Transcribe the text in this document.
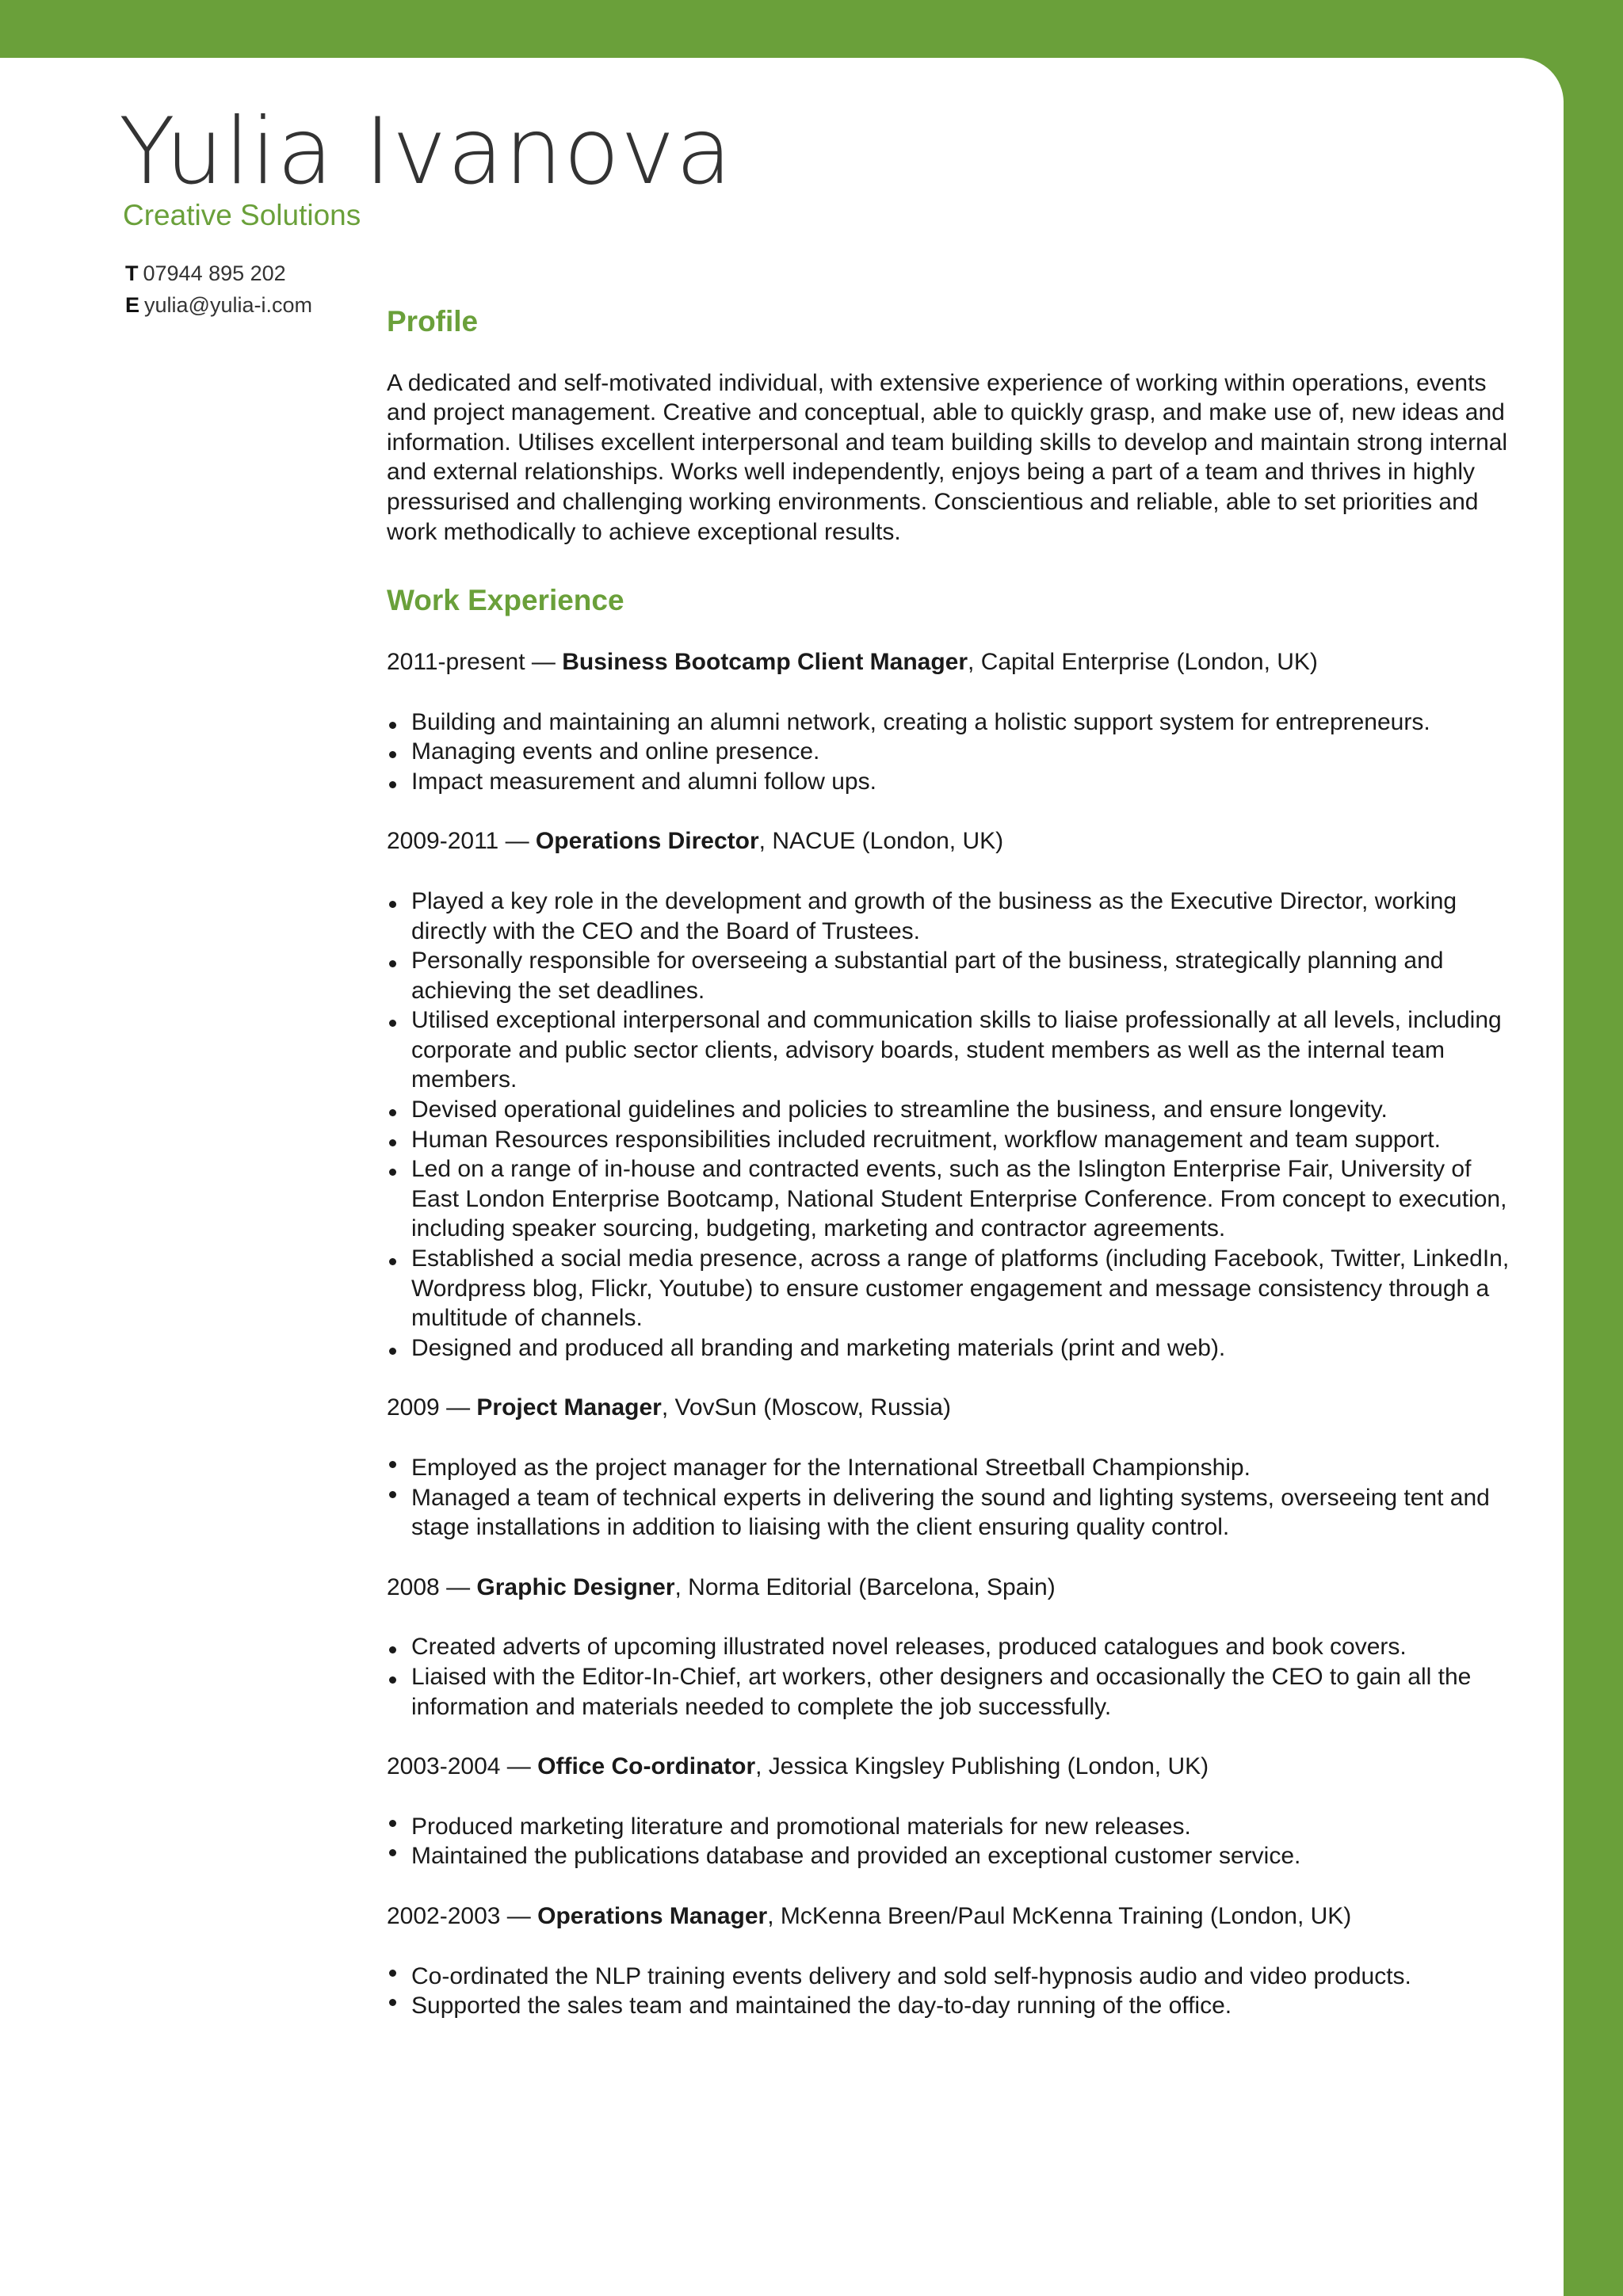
Yulia Ivanova
Creative Solutions
T 07944 895 202
E yulia@yulia-i.com	Profile

A dedicated and self-motivated individual, with extensive experience of working within operations, events and project management. Creative and conceptual, able to quickly grasp, and make use of, new ideas and information. Utilises excellent interpersonal and team building skills to develop and maintain strong internal and external relationships. Works well independently, enjoys being a part of a team and thrives in highly pressurised and challenging working environments. Conscientious and reliable, able to set priorities and work methodically to achieve exceptional results.

Work Experience
2011-present — Business Bootcamp Client Manager, Capital Enterprise (London, UK)
Building and maintaining an alumni network, creating a holistic support system for entrepreneurs.
Managing events and online presence.
Impact measurement and alumni follow ups.
2009-2011 — Operations Director, NACUE (London, UK)
Played a key role in the development and growth of the business as the Executive Director, working directly with the CEO and the Board of Trustees.
Personally responsible for overseeing a substantial part of the business, strategically planning and achieving the set deadlines.
Utilised exceptional interpersonal and communication skills to liaise professionally at all levels, including corporate and public sector clients, advisory boards, student members as well as the internal team members.
Devised operational guidelines and policies to streamline the business, and ensure longevity.
Human Resources responsibilities included recruitment, workflow management and team support.
Led on a range of in-house and contracted events, such as the Islington Enterprise Fair, University of East London Enterprise Bootcamp, National Student Enterprise Conference. From concept to execution, including speaker sourcing, budgeting, marketing and contractor agreements.
Established a social media presence, across a range of platforms (including Facebook, Twitter, LinkedIn, Wordpress blog, Flickr, Youtube) to ensure customer engagement and message consistency through a multitude of channels.
Designed and produced all branding and marketing materials (print and web).
2009 — Project Manager, VovSun (Moscow, Russia)
Employed as the project manager for the International Streetball Championship.
Managed a team of technical experts in delivering the sound and lighting systems, overseeing tent and stage installations in addition to liaising with the client ensuring quality control.
2008 — Graphic Designer, Norma Editorial (Barcelona, Spain)
Created adverts of upcoming illustrated novel releases, produced catalogues and book covers.
Liaised with the Editor-In-Chief, art workers, other designers and occasionally the CEO to gain all the information and materials needed to complete the job successfully.
2003-2004 — Office Co-ordinator, Jessica Kingsley Publishing (London, UK)
Produced marketing literature and promotional materials for new releases.
Maintained the publications database and provided an exceptional customer service.
2002-2003 — Operations Manager, McKenna Breen/Paul McKenna Training (London, UK)
Co-ordinated the NLP training events delivery and sold self-hypnosis audio and video products.
Supported the sales team and maintained the day-to-day running of the office.
